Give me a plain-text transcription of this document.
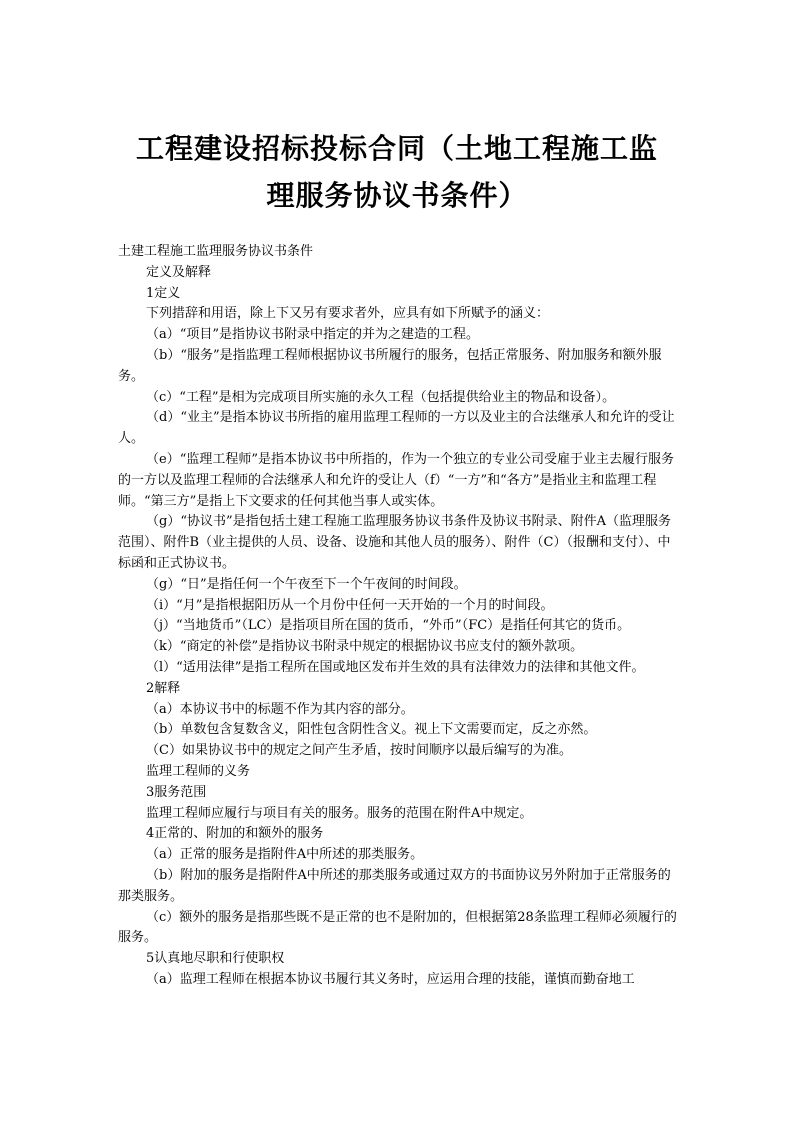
工程建设招标投标合同（土地工程施工监
理服务协议书条件）

土建工程施工监理服务协议书条件

定义及解释

1定义

下列措辞和用语，除上下又另有要求者外，应具有如下所赋予的涵义：

（a）“项目”是指协议书附录中指定的并为之建造的工程。

（b）“服务”是指监理工程师根据协议书所履行的服务，包括正常服务、附加服务和额外服务。

（c）“工程”是相为完成项目所实施的永久工程（包括提供给业主的物品和设备）。

（d）“业主”是指本协议书所指的雇用监理工程师的一方以及业主的合法继承人和允许的受让人。

（e）“监理工程师”是指本协议书中所指的，作为一个独立的专业公司受雇于业主去履行服务的一方以及监理工程师的合法继承人和允许的受让人（f）“一方”和“各方”是指业主和监理工程师。“第三方”是指上下文要求的任何其他当事人或实体。

（g）“协议书”是指包括土建工程施工监理服务协议书条件及协议书附录、附件A（监理服务范围）、附件B（业主提供的人员、设备、设施和其他人员的服务）、附件（C）（报酬和支付）、中标函和正式协议书。

（g）“日”是指任何一个午夜至下一个午夜间的时间段。

（i）“月”是指根据阳历从一个月份中任何一天开始的一个月的时间段。

（j）“当地货币”（LC）是指项目所在国的货币，“外币”（FC）是指任何其它的货币。

（k）“商定的补偿”是指协议书附录中规定的根据协议书应支付的额外款项。

（l）“适用法律”是指工程所在国或地区发布并生效的具有法律效力的法律和其他文件。

2解释

（a）本协议书中的标题不作为其内容的部分。

（b）单数包含复数含义，阳性包含阴性含义。视上下文需要而定，反之亦然。

（C）如果协议书中的规定之间产生矛盾，按时间顺序以最后编写的为准。

监理工程师的义务

3服务范围

监理工程师应履行与项目有关的服务。服务的范围在附件A中规定。

4正常的、附加的和额外的服务

（a）正常的服务是指附件A中所述的那类服务。

（b）附加的服务是指附件A中所述的那类服务或通过双方的书面协议另外附加于正常服务的那类服务。

（c）额外的服务是指那些既不是正常的也不是附加的，但根据第28条监理工程师必须履行的服务。

5认真地尽职和行使职权

（a）监理工程师在根据本协议书履行其义务时，应运用合理的技能，谨慎而勤奋地工
